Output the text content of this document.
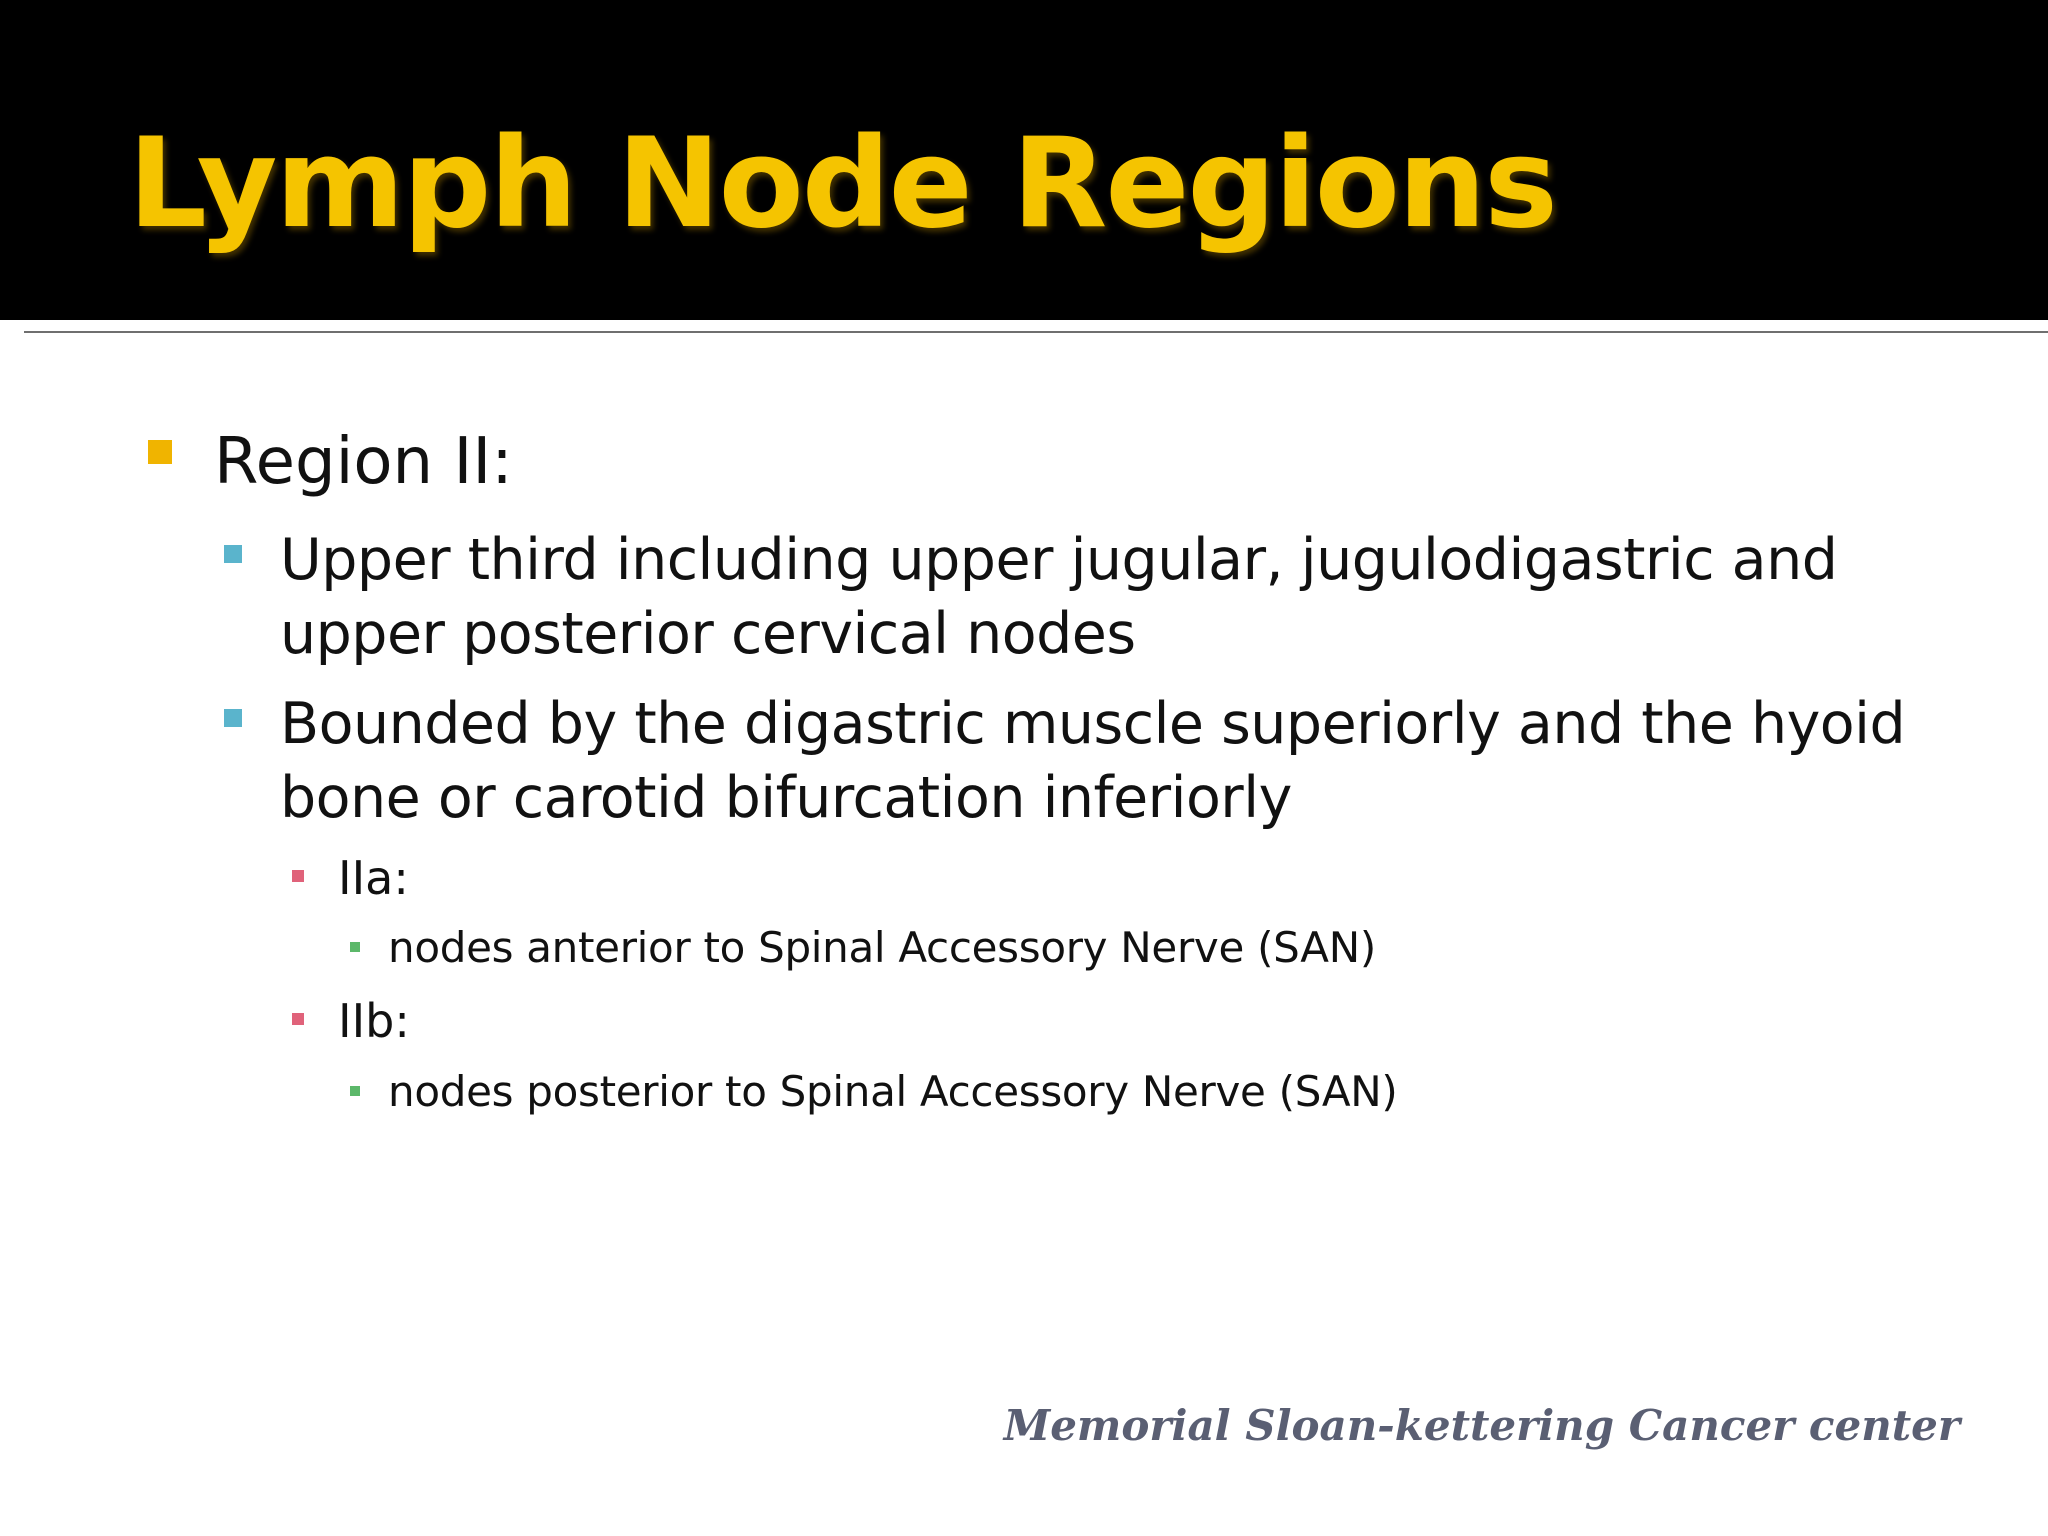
Lymph Node Regions
Region II:
Upper third including upper jugular, jugulodigastric and
upper posterior cervical nodes
Bounded by the digastric muscle superiorly and the hyoid
bone or carotid bifurcation inferiorly
IIa:
nodes anterior to Spinal Accessory Nerve (SAN)
IIb:
nodes posterior to Spinal Accessory Nerve (SAN)
Memorial Sloan-kettering Cancer center
